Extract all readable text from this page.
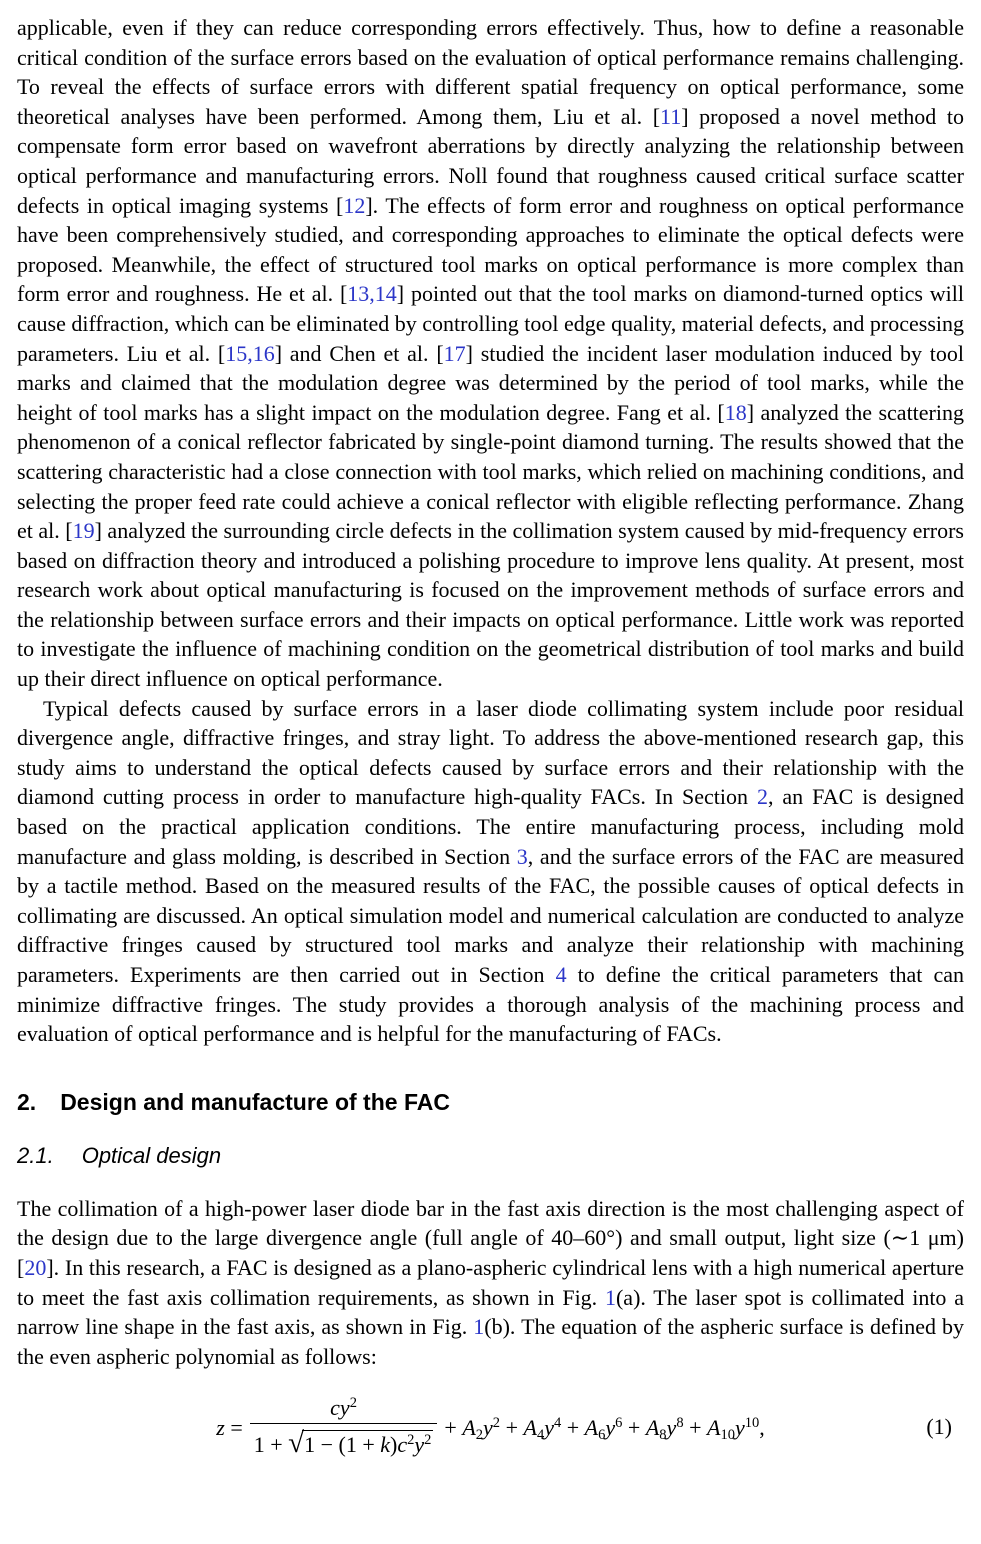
applicable, even if they can reduce corresponding errors effectively. Thus, how to define a reasonable critical condition of the surface errors based on the evaluation of optical performance remains challenging. To reveal the effects of surface errors with different spatial frequency on optical performance, some theoretical analyses have been performed. Among them, Liu et al. [11] proposed a novel method to compensate form error based on wavefront aberrations by directly analyzing the relationship between optical performance and manufacturing errors. Noll found that roughness caused critical surface scatter defects in optical imaging systems [12]. The effects of form error and roughness on optical performance have been comprehensively studied, and corresponding approaches to eliminate the optical defects were proposed. Meanwhile, the effect of structured tool marks on optical performance is more complex than form error and roughness. He et al. [13,14] pointed out that the tool marks on diamond-turned optics will cause diffraction, which can be eliminated by controlling tool edge quality, material defects, and processing parameters. Liu et al. [15,16] and Chen et al. [17] studied the incident laser modulation induced by tool marks and claimed that the modulation degree was determined by the period of tool marks, while the height of tool marks has a slight impact on the modulation degree. Fang et al. [18] analyzed the scattering phenomenon of a conical reflector fabricated by single-point diamond turning. The results showed that the scattering characteristic had a close connection with tool marks, which relied on machining conditions, and selecting the proper feed rate could achieve a conical reflector with eligible reflecting performance. Zhang et al. [19] analyzed the surrounding circle defects in the collimation system caused by mid-frequency errors based on diffraction theory and introduced a polishing procedure to improve lens quality. At present, most research work about optical manufacturing is focused on the improvement methods of surface errors and the relationship between surface errors and their impacts on optical performance. Little work was reported to investigate the influence of machining condition on the geometrical distribution of tool marks and build up their direct influence on optical performance.

Typical defects caused by surface errors in a laser diode collimating system include poor residual divergence angle, diffractive fringes, and stray light. To address the above-mentioned research gap, this study aims to understand the optical defects caused by surface errors and their relationship with the diamond cutting process in order to manufacture high-quality FACs. In Section 2, an FAC is designed based on the practical application conditions. The entire manufacturing process, including mold manufacture and glass molding, is described in Section 3, and the surface errors of the FAC are measured by a tactile method. Based on the measured results of the FAC, the possible causes of optical defects in collimating are discussed. An optical simulation model and numerical calculation are conducted to analyze diffractive fringes caused by structured tool marks and analyze their relationship with machining parameters. Experiments are then carried out in Section 4 to define the critical parameters that can minimize diffractive fringes. The study provides a thorough analysis of the machining process and evaluation of optical performance and is helpful for the manufacturing of FACs.

2. Design and manufacture of the FAC
2.1. Optical design

The collimation of a high-power laser diode bar in the fast axis direction is the most challenging aspect of the design due to the large divergence angle (full angle of 40–60°) and small output, light size (∼1 μm) [20]. In this research, a FAC is designed as a plano-aspheric cylindrical lens with a high numerical aperture to meet the fast axis collimation requirements, as shown in Fig. 1(a). The laser spot is collimated into a narrow line shape in the fast axis, as shown in Fig. 1(b). The equation of the aspheric surface is defined by the even aspheric polynomial as follows:

$z = \frac{cy^2}{1 + √1 - (1 + k)c^2y^2} + A2y^2 + A4y^4 + A6y^6 + A8y^8 + A10y^{10}$,	(1)
